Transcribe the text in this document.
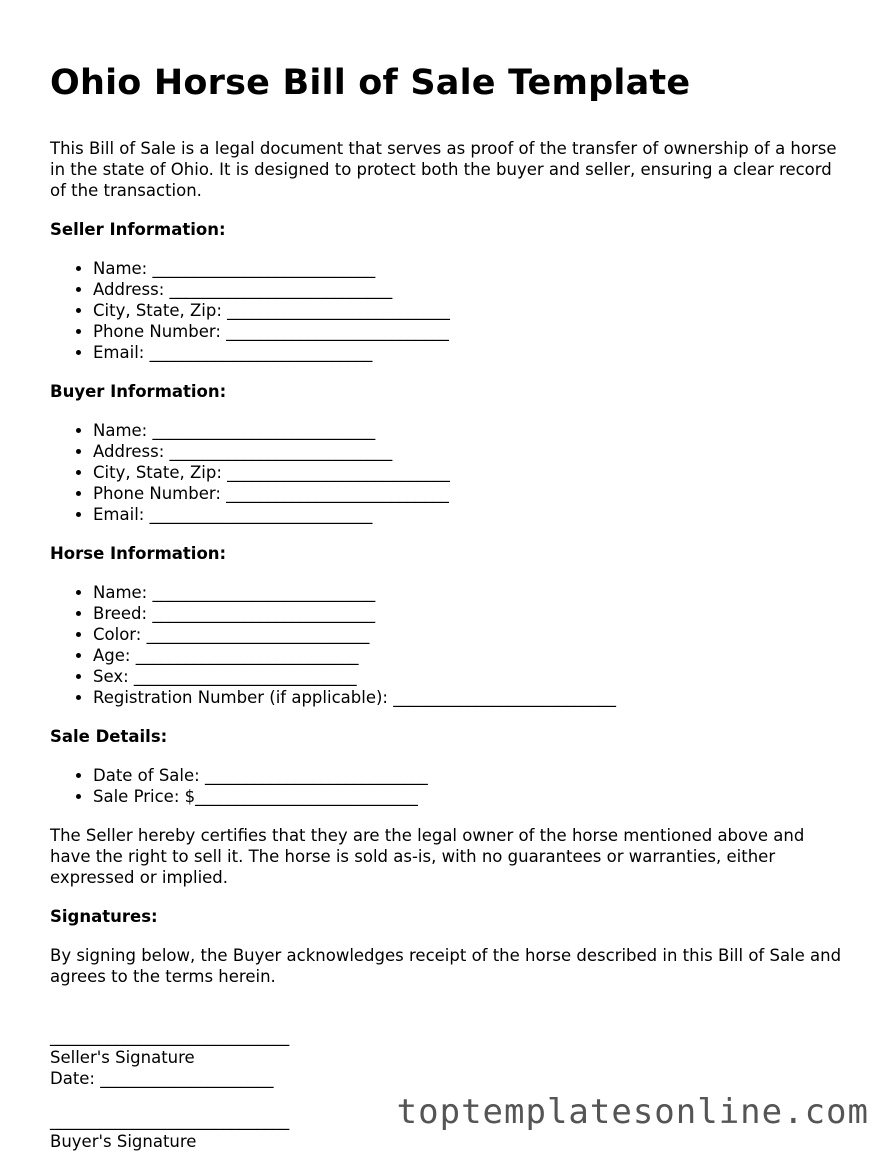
Ohio Horse Bill of Sale Template

This Bill of Sale is a legal document that serves as proof of the transfer of ownership of a horse in the state of Ohio. It is designed to protect both the buyer and seller, ensuring a clear record of the transaction.

Seller Information:
• Name: ___________________________
• Address: ___________________________
• City, State, Zip: ___________________________
• Phone Number: ___________________________
• Email: ___________________________
Buyer Information:
• Name: ___________________________
• Address: ___________________________
• City, State, Zip: ___________________________
• Phone Number: ___________________________
• Email: ___________________________
Horse Information:
• Name: ___________________________
• Breed: ___________________________
• Color: ___________________________
• Age: ___________________________
• Sex: ___________________________
• Registration Number (if applicable): ___________________________
Sale Details:
• Date of Sale: ___________________________
• Sale Price: $___________________________

The Seller hereby certifies that they are the legal owner of the horse mentioned above and have the right to sell it. The horse is sold as-is, with no guarantees or warranties, either expressed or implied.

Signatures:

By signing below, the Buyer acknowledges receipt of the horse described in this Bill of Sale and agrees to the terms herein.

_____________________________
Seller's Signature
Date: _____________________
_____________________________
Buyer's Signature
toptemplatesonline.com
